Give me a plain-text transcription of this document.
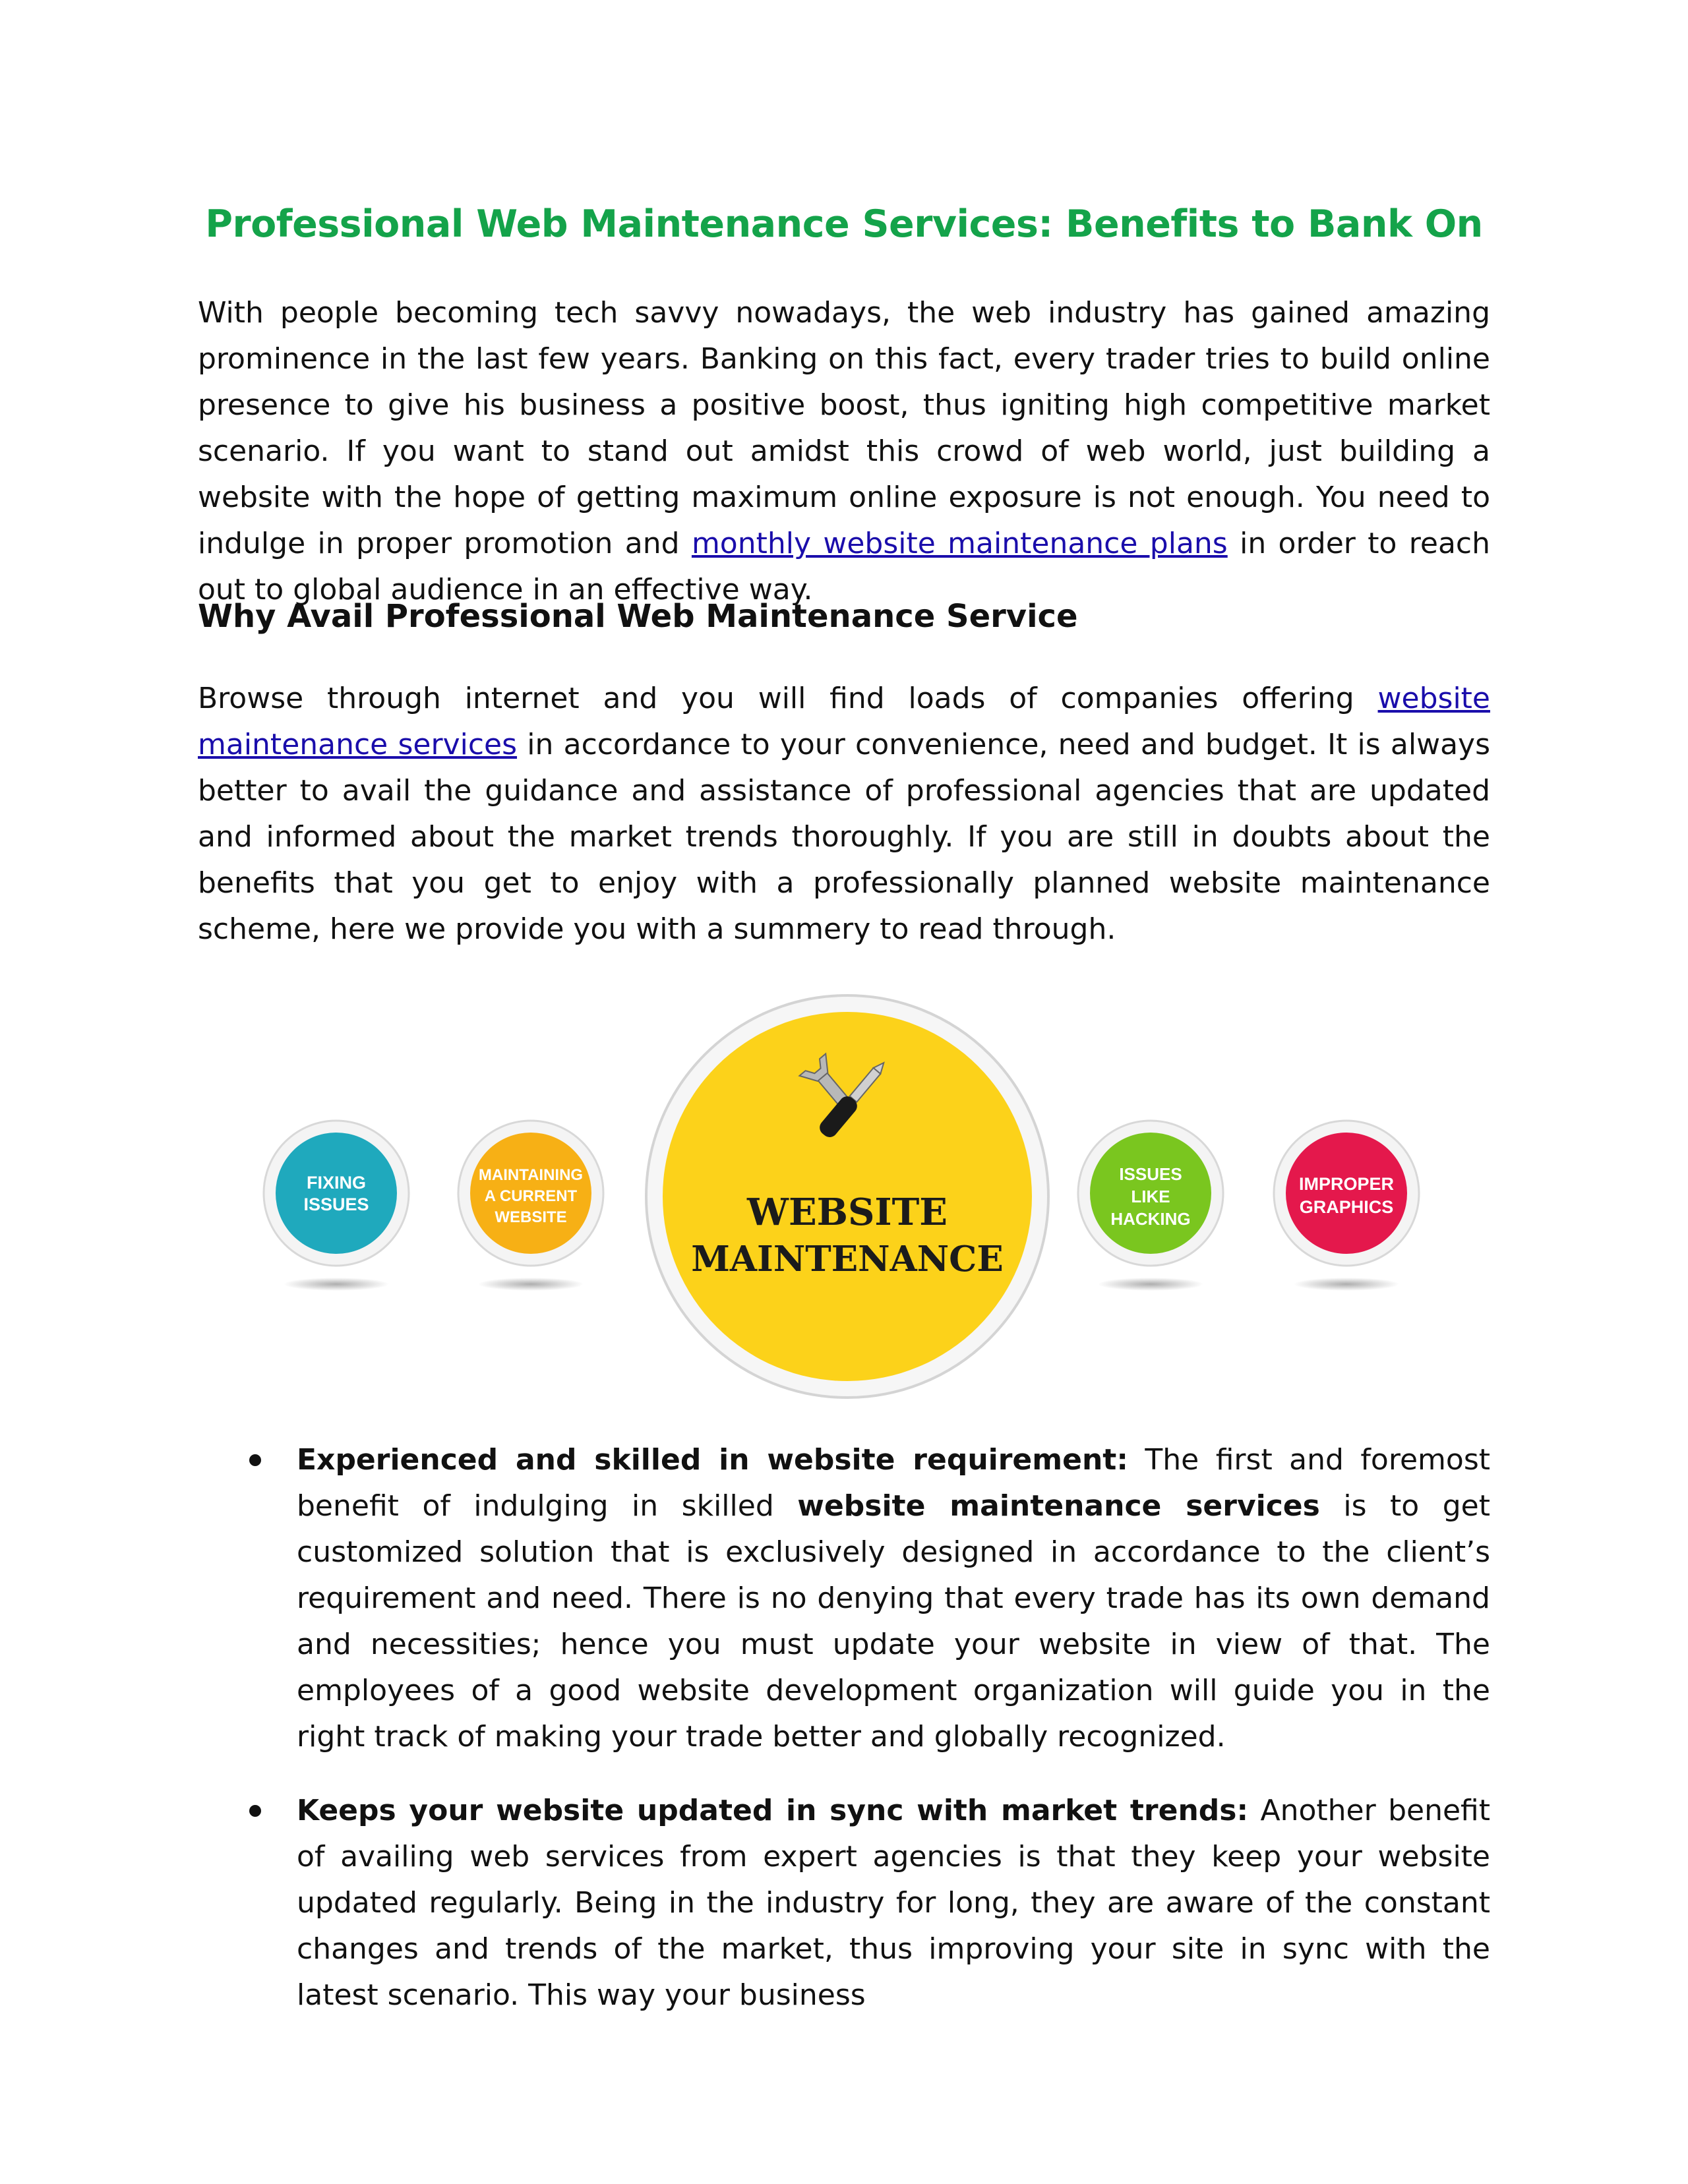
Professional Web Maintenance Services: Benefits to Bank On

With people becoming tech savvy nowadays, the web industry has gained amazing prominence in the last few years. Banking on this fact, every trader tries to build online presence to give his business a positive boost, thus igniting high competitive market scenario. If you want to stand out amidst this crowd of web world, just building a website with the hope of getting maximum online exposure is not enough. You need to indulge in proper promotion and monthly website maintenance plans in order to reach out to global audience in an effective way.

Why Avail Professional Web Maintenance Service

Browse through internet and you will find loads of companies offering website maintenance services in accordance to your convenience, need and budget. It is always better to avail the guidance and assistance of professional agencies that are updated and informed about the market trends thoroughly. If you are still in doubts about the benefits that you get to enjoy with a professionally planned website maintenance scheme, here we provide you with a summery to read through.

FIXING
ISSUES
MAINTAINING
A CURRENT
WEBSITE	WEBSITE
MAINTENANCE
ISSUES
LIKE
HACKING
IMPROPER
GRAPHICS
Experienced and skilled in website requirement: The first and foremost benefit of indulging in skilled website maintenance services is to get customized solution that is exclusively designed in accordance to the client’s requirement and need. There is no denying that every trade has its own demand and necessities; hence you must update your website in view of that. The employees of a good website development organization will guide you in the right track of making your trade better and globally recognized.
Keeps your website updated in sync with market trends: Another benefit of availing web services from expert agencies is that they keep your website updated regularly. Being in the industry for long, they are aware of the constant changes and trends of the market, thus improving your site in sync with the latest scenario. This way your business
